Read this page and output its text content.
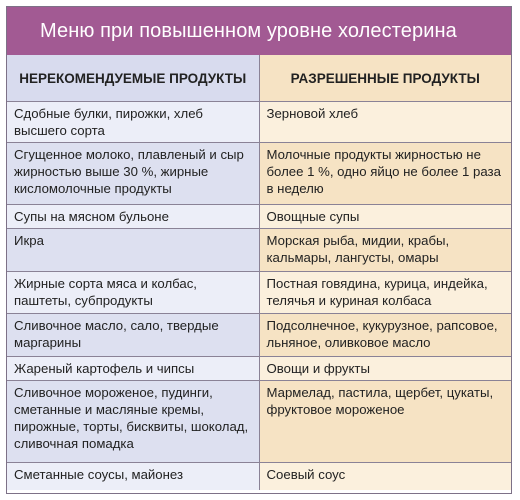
Меню при повышенном уровне холестерина
НЕРЕКОМЕНДУЕМЫЕ ПРОДУКТЫ	РАЗРЕШЕННЫЕ ПРОДУКТЫ
Сдобные булки, пирожки, хлеб высшего сорта	Зерновой хлеб
Сгущенное молоко, плавленый и сыр жирностью выше 30 %, жирные кисломолочные продукты	Молочные продукты жирностью не более 1 %, одно яйцо не более 1 раза в неделю
Супы на мясном бульоне	Овощные супы
Икра	Морская рыба, мидии, крабы, кальмары, лангусты, омары
Жирные сорта мяса и колбас, паштеты, субпродукты	Постная говядина, курица, индейка, телячья и куриная колбаса
Сливочное масло, сало, твердые маргарины	Подсолнечное, кукурузное, рапсовое, льняное, оливковое масло
Жареный картофель и чипсы	Овощи и фрукты
Сливочное мороженое, пудинги, сметанные и масляные кремы, пирожные, торты, бисквиты, шоколад, сливочная помадка	Мармелад, пастила, щербет, цукаты, фруктовое мороженое
Сметанные соусы, майонез	Соевый соус
